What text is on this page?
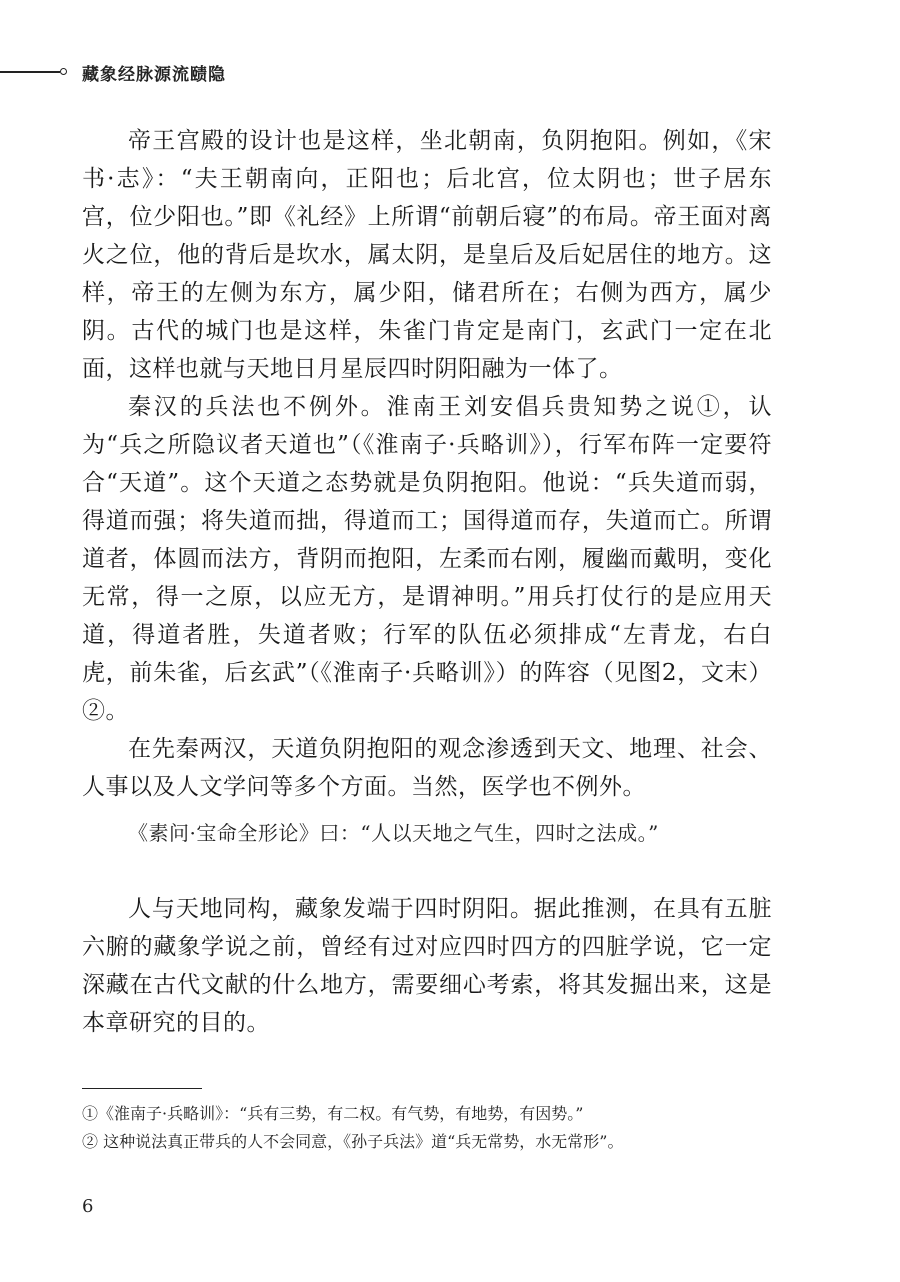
藏象经脉源流赜隐

帝王宫殿的设计也是这样，坐北朝南，负阴抱阳。例如，《宋书·志》：“夫王朝南向，正阳也；后北宫，位太阴也；世子居东宫，位少阳也。”即《礼经》上所谓“前朝后寝”的布局。帝王面对离火之位，他的背后是坎水，属太阴，是皇后及后妃居住的地方。这样，帝王的左侧为东方，属少阳，储君所在；右侧为西方，属少阴。古代的城门也是这样，朱雀门肯定是南门，玄武门一定在北面，这样也就与天地日月星辰四时阴阳融为一体了。

秦汉的兵法也不例外。淮南王刘安倡兵贵知势之说①，认为“兵之所隐议者天道也”（《淮南子·兵略训》），行军布阵一定要符合“天道”。这个天道之态势就是负阴抱阳。他说：“兵失道而弱，得道而强；将失道而拙，得道而工；国得道而存，失道而亡。所谓道者，体圆而法方，背阴而抱阳，左柔而右刚，履幽而戴明，变化无常，得一之原，以应无方，是谓神明。”用兵打仗行的是应用天道，得道者胜，失道者败；行军的队伍必须排成“左青龙，右白虎，前朱雀，后玄武”（《淮南子·兵略训》）的阵容（见图2，文末）②。

在先秦两汉，天道负阴抱阳的观念渗透到天文、地理、社会、人事以及人文学问等多个方面。当然，医学也不例外。

《素问·宝命全形论》曰：“人以天地之气生，四时之法成。”

人与天地同构，藏象发端于四时阴阳。据此推测，在具有五脏六腑的藏象学说之前，曾经有过对应四时四方的四脏学说，它一定深藏在古代文献的什么地方，需要细心考索，将其发掘出来，这是本章研究的目的。

①《淮南子·兵略训》：“兵有三势，有二权。有气势，有地势，有因势。”
② 这种说法真正带兵的人不会同意，《孙子兵法》道“兵无常势，水无常形”。
6
